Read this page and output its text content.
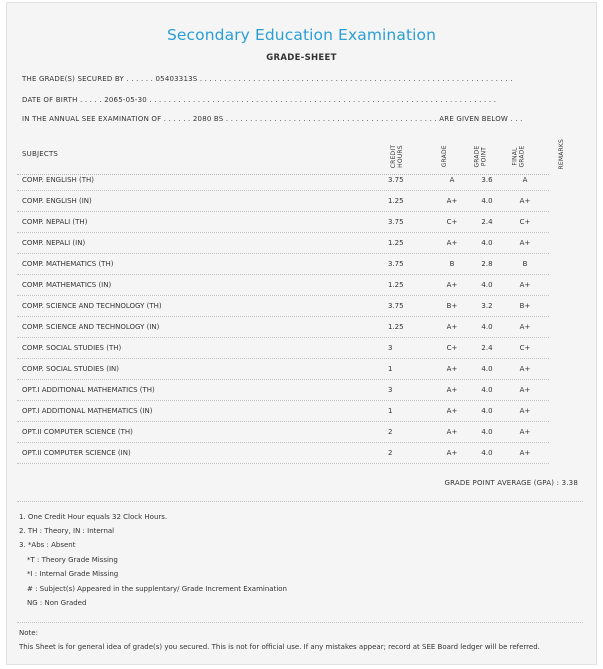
Secondary Education Examination
GRADE-SHEET
THE GRADE(S) SECURED BY . . . . . . 05403313S . . . . . . . . . . . . . . . . . . . . . . . . . . . . . . . . . . . . . . . . . . . . . . . . . . . . . . . . . . . . . . . . .
DATE OF BIRTH . . . . . 2065-05-30 . . . . . . . . . . . . . . . . . . . . . . . . . . . . . . . . . . . . . . . . . . . . . . . . . . . . . . . . . . . . . . . . . . . . . . . .
IN THE ANNUAL SEE EXAMINATION OF . . . . . . 2080 BS . . . . . . . . . . . . . . . . . . . . . . . . . . . . . . . . . . . . . . . . . . . . ARE GIVEN BELOW . . .
SUBJECTS	CREDIT HOURS	GRADE	GRADE POINT	FINAL GRADE	REMARKS
COMP. ENGLISH (TH)	3.75	A	3.6	A
COMP. ENGLISH (IN)	1.25	A+	4.0	A+
COMP. NEPALI (TH)	3.75	C+	2.4	C+
COMP. NEPALI (IN)	1.25	A+	4.0	A+
COMP. MATHEMATICS (TH)	3.75	B	2.8	B
COMP. MATHEMATICS (IN)	1.25	A+	4.0	A+
COMP. SCIENCE AND TECHNOLOGY (TH)	3.75	B+	3.2	B+
COMP. SCIENCE AND TECHNOLOGY (IN)	1.25	A+	4.0	A+
COMP. SOCIAL STUDIES (TH)	3	C+	2.4	C+
COMP. SOCIAL STUDIES (IN)	1	A+	4.0	A+
OPT.I ADDITIONAL MATHEMATICS (TH)	3	A+	4.0	A+
OPT.I ADDITIONAL MATHEMATICS (IN)	1	A+	4.0	A+
OPT.II COMPUTER SCIENCE (TH)	2	A+	4.0	A+
OPT.II COMPUTER SCIENCE (IN)	2	A+	4.0	A+
GRADE POINT AVERAGE (GPA) : 3.38
1. One Credit Hour equals 32 Clock Hours.
2. TH : Theory, IN : Internal
3. *Abs : Absent
*T : Theory Grade Missing
*I : Internal Grade Missing
# : Subject(s) Appeared in the supplentary/ Grade Increment Examination
NG : Non Graded
Note:
This Sheet is for general idea of grade(s) you secured. This is not for official use. If any mistakes appear; record at SEE Board ledger will be referred.
